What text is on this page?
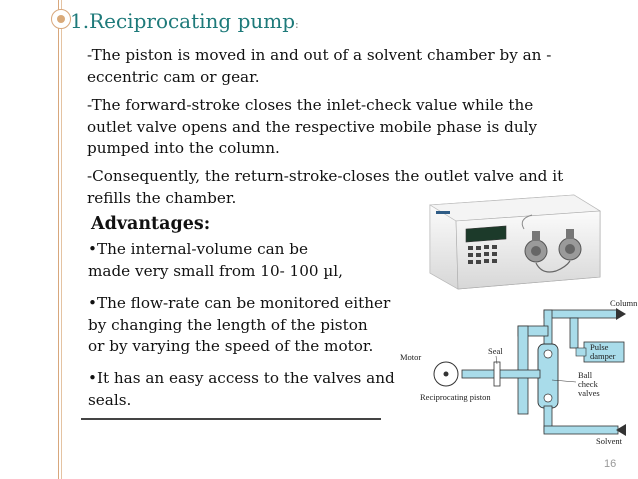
1.Reciprocating pump:
-The piston is moved in and out of a solvent chamber by an -
eccentric cam or gear.
-The forward-stroke closes the inlet-check value while the
outlet valve opens and the respective mobile phase is duly
pumped into the column.
-Consequently, the return-stroke-closes the outlet valve and it
refills the chamber.
Advantages:
•The internal-volume can be
made very small from 10- 100 µl,
•The flow-rate can be monitored either
by changing the length of the piston
or by varying the speed of the motor.
•It has an easy access to the valves and
seals.
Column
Pulse
damper
Motor
Seal
Ball
check
valves
Reciprocating piston
Solvent
16
